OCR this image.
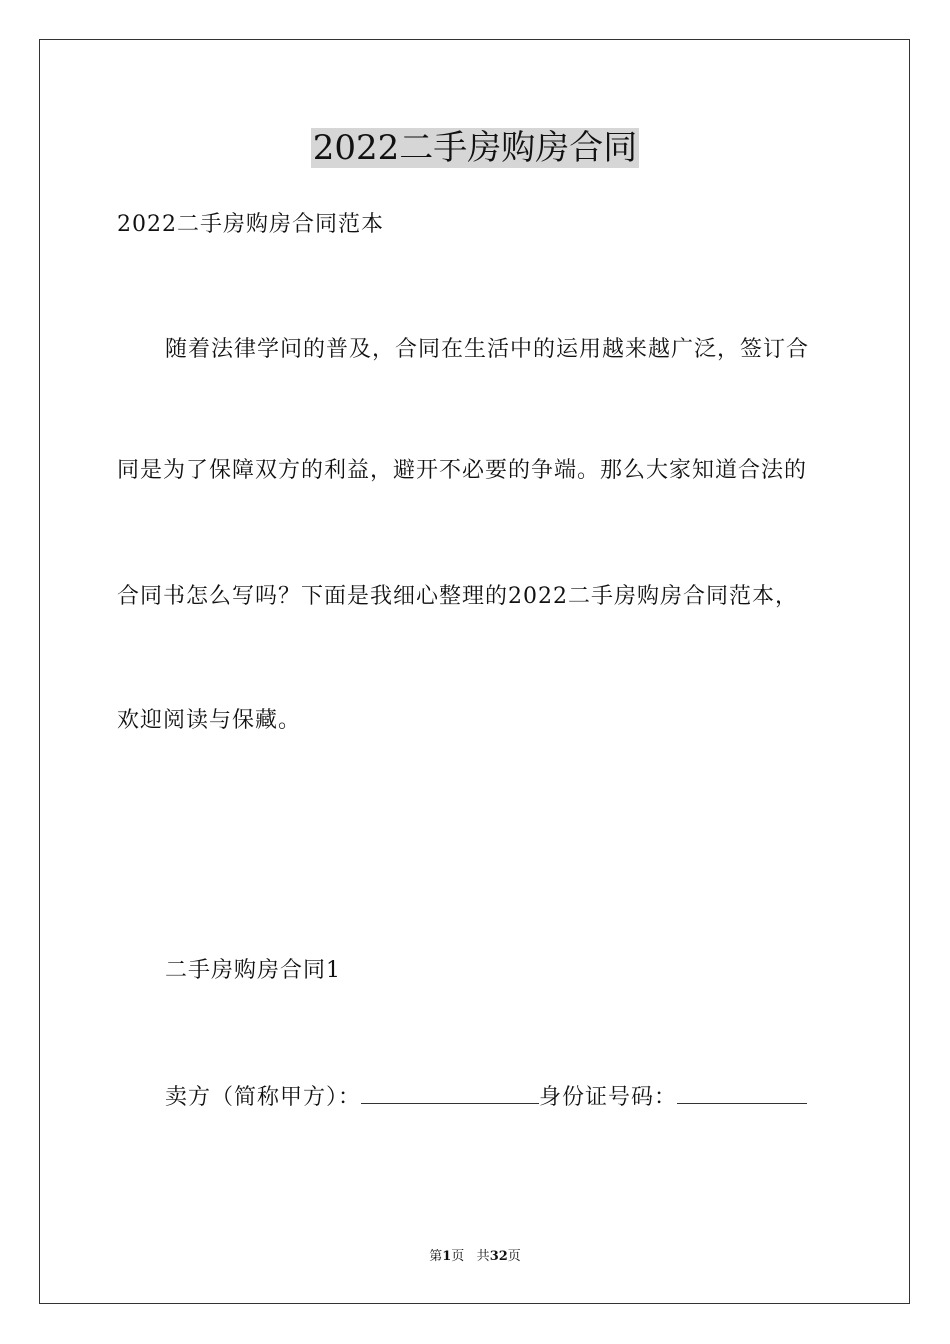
2022二手房购房合同
2022二手房购房合同范本
随着法律学问的普及，合同在生活中的运用越来越广泛，签订合
同是为了保障双方的利益，避开不必要的争端。那么大家知道合法的
合同书怎么写吗？下面是我细心整理的2022二手房购房合同范本，
欢迎阅读与保藏。
二手房购房合同1
卖方（简称甲方）：	身份证号码：
第1页 共32页
